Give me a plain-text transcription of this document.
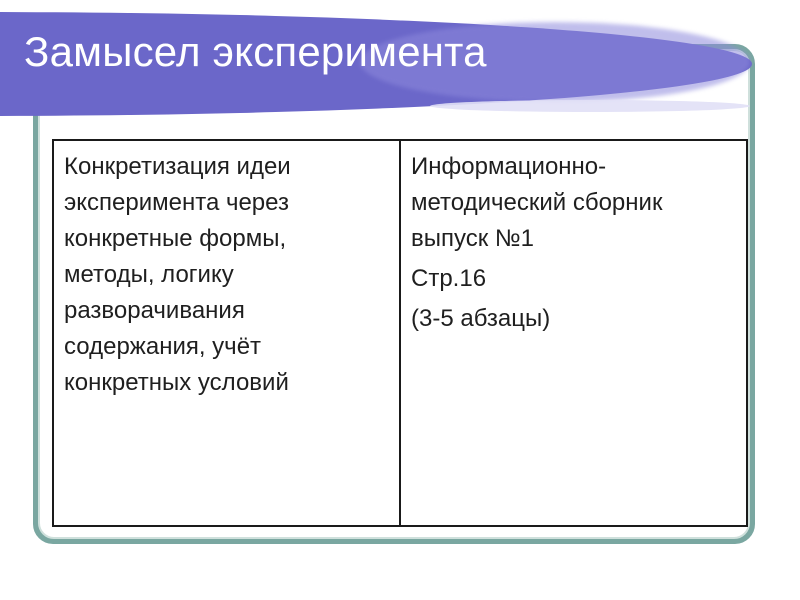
Замысел эксперимента
Конкретизация идеи
эксперимента через
конкретные формы,
методы, логику
разворачивания
содержания, учёт
конкретных условий
Информационно-
методический сборник
выпуск №1
Стр.16
(3-5 абзацы)
